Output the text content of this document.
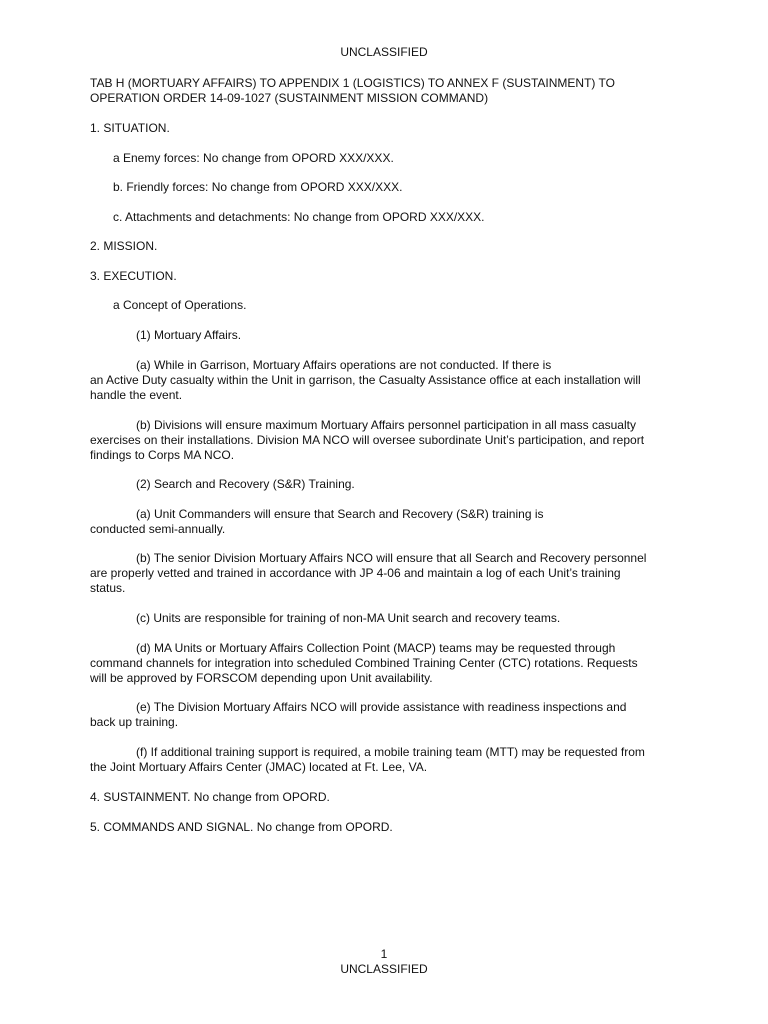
UNCLASSIFIED
TAB H (MORTUARY AFFAIRS) TO APPENDIX 1 (LOGISTICS) TO ANNEX F (SUSTAINMENT) TO
OPERATION ORDER 14-09-1027 (SUSTAINMENT MISSION COMMAND)
1. SITUATION.
a Enemy forces: No change from OPORD XXX/XXX.
b. Friendly forces: No change from OPORD XXX/XXX.
c. Attachments and detachments: No change from OPORD XXX/XXX.
2. MISSION.
3. EXECUTION.
a Concept of Operations.
(1) Mortuary Affairs.
(a) While in Garrison, Mortuary Affairs operations are not conducted. If there is
an Active Duty casualty within the Unit in garrison, the Casualty Assistance office at each installation will
handle the event.
(b) Divisions will ensure maximum Mortuary Affairs personnel participation in all mass casualty
exercises on their installations. Division MA NCO will oversee subordinate Unit’s participation, and report
findings to Corps MA NCO.
(2) Search and Recovery (S&R) Training.
(a) Unit Commanders will ensure that Search and Recovery (S&R) training is
conducted semi-annually.
(b) The senior Division Mortuary Affairs NCO will ensure that all Search and Recovery personnel
are properly vetted and trained in accordance with JP 4-06 and maintain a log of each Unit’s training
status.
(c) Units are responsible for training of non-MA Unit search and recovery teams.
(d) MA Units or Mortuary Affairs Collection Point (MACP) teams may be requested through
command channels for integration into scheduled Combined Training Center (CTC) rotations. Requests
will be approved by FORSCOM depending upon Unit availability.
(e) The Division Mortuary Affairs NCO will provide assistance with readiness inspections and
back up training.
(f) If additional training support is required, a mobile training team (MTT) may be requested from
the Joint Mortuary Affairs Center (JMAC) located at Ft. Lee, VA.
4. SUSTAINMENT. No change from OPORD.
5. COMMANDS AND SIGNAL. No change from OPORD.
1
UNCLASSIFIED
